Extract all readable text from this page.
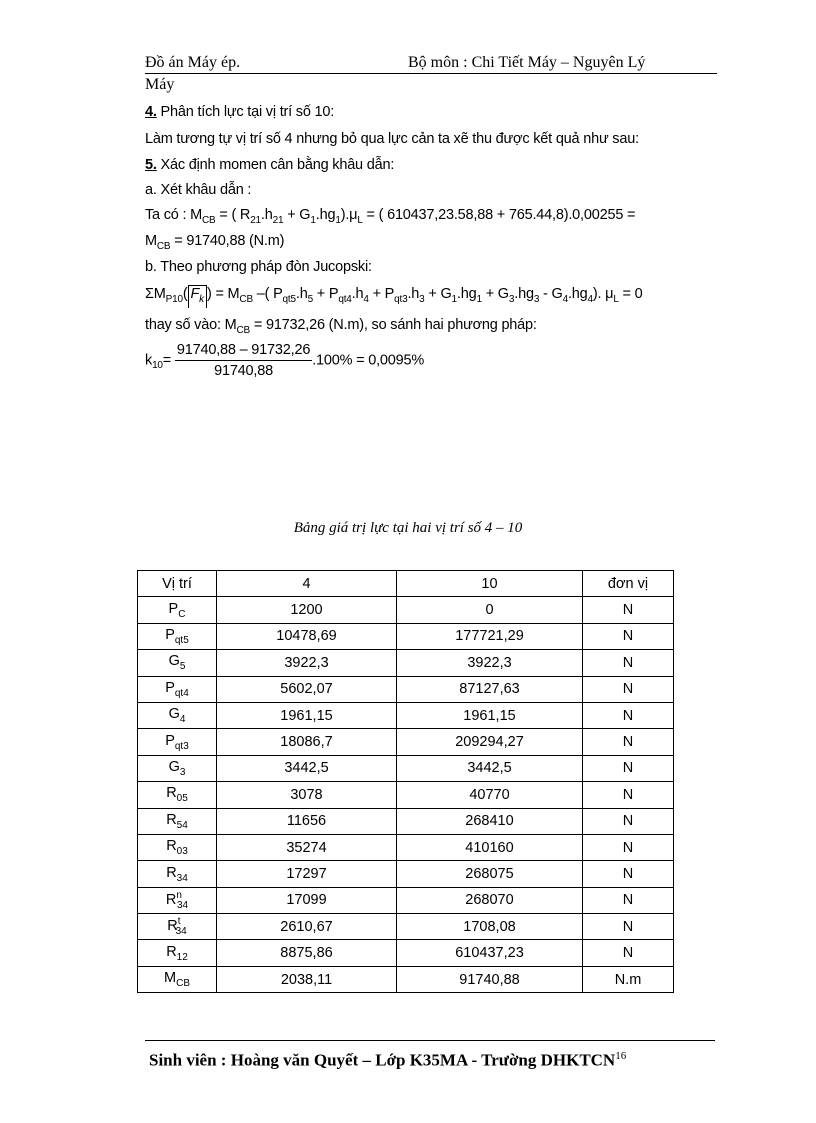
Đồ án Máy ép.	Bộ môn : Chi Tiết Máy – Nguyên Lý
Máy
4. Phân tích lực tại vị trí số 10:
Làm tương tự vị trí số 4 nhưng bỏ qua lực cản ta xẽ thu được kết quả như sau:
5. Xác định momen cân bằng khâu dẫn:
a. Xét khâu dẫn :
Ta có : $M_{CB}$ = ( $R_{21}.h_{21} + G_1.hg_1).\mu_L$ = ( 610437,23.58,88 + 765.44,8).0,00255 =
$M_{CB} = 91740,88$ (N.m)
b. Theo phương pháp đòn Jucopski:
$\Sigma M_{P10}$( $F_k$ ) = $M_{CB}$ –( $P_{qt5}.h_5 + P_{qt4}.h_4 + P_{qt3}.h_3 + G_1.hg_1 + G_3.hg_3 - G_4.hg_4$). $\mu_L = 0$
thay số vào: $M_{CB} = 91732,26$ (N.m), so sánh hai phương pháp:
$k_{10}= \frac{91740,88 - 91732,26}{91740,88} .100\% = 0,0095\%$
Bảng giá trị lực tại hai vị trí số 4 – 10
Vị trí	4	10	đơn vị
$P_C$	1200	0	N
$P_{qt5}$	10478,69	177721,29	N
$G_5$	3922,3	3922,3	N
$P_{qt4}$	5602,07	87127,63	N
$G_4$	1961,15	1961,15	N
$P_{qt3}$	18086,7	209294,27	N
$G_3$	3442,5	3442,5	N
$R_{05}$	3078	40770	N
$R_{54}$	11656	268410	N
$R_{03}$	35274	410160	N
$R_{34}$	17297	268075	N
$R^n_{34}$	17099	268070	N
$R^t_{34}$	2610,67	1708,08	N
$R_{12}$	8875,86	610437,23	N
$M_{CB}$	2038,11	91740,88	N.m
Sinh viên : Hoàng văn Quyết – Lớp K35MA - Trường DHKTCN$^{16}$
